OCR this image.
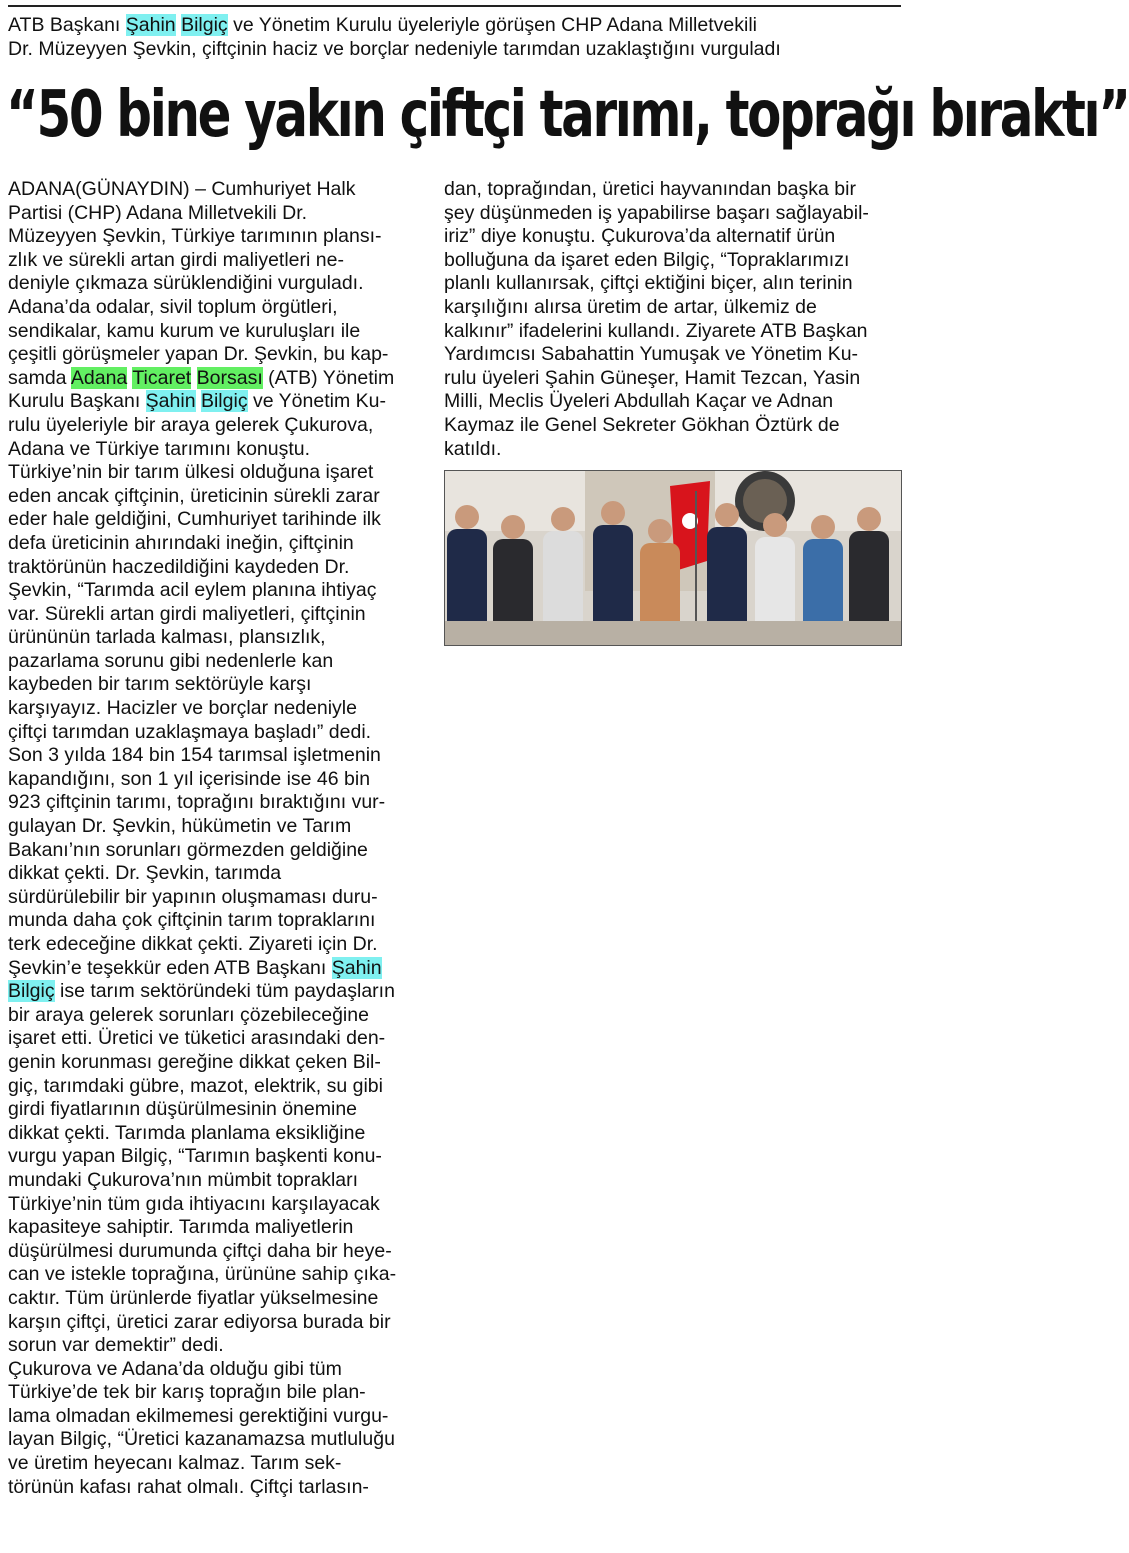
ATB Başkanı Şahin Bilgiç ve Yönetim Kurulu üyeleriyle görüşen CHP Adana Milletvekili
Dr. Müzeyyen Şevkin, çiftçinin haciz ve borçlar nedeniyle tarımdan uzaklaştığını vurguladı
“50 bine yakın çiftçi tarımı, toprağı bıraktı”
ADANA(GÜNAYDIN) – Cumhuriyet Halk
Partisi (CHP) Adana Milletvekili Dr.
Müzeyyen Şevkin, Türkiye tarımının plansı-
zlık ve sürekli artan girdi maliyetleri ne-
deniyle çıkmaza sürüklendiğini vurguladı.
Adana’da odalar, sivil toplum örgütleri,
sendikalar, kamu kurum ve kuruluşları ile
çeşitli görüşmeler yapan Dr. Şevkin, bu kap-
samda Adana Ticaret Borsası (ATB) Yönetim
Kurulu Başkanı Şahin Bilgiç ve Yönetim Ku-
rulu üyeleriyle bir araya gelerek Çukurova,
Adana ve Türkiye tarımını konuştu.
Türkiye’nin bir tarım ülkesi olduğuna işaret
eden ancak çiftçinin, üreticinin sürekli zarar
eder hale geldiğini, Cumhuriyet tarihinde ilk
defa üreticinin ahırındaki ineğin, çiftçinin
traktörünün haczedildiğini kaydeden Dr.
Şevkin, “Tarımda acil eylem planına ihtiyaç
var. Sürekli artan girdi maliyetleri, çiftçinin
ürününün tarlada kalması, plansızlık,
pazarlama sorunu gibi nedenlerle kan
kaybeden bir tarım sektörüyle karşı
karşıyayız. Hacizler ve borçlar nedeniyle
çiftçi tarımdan uzaklaşmaya başladı” dedi.
Son 3 yılda 184 bin 154 tarımsal işletmenin
kapandığını, son 1 yıl içerisinde ise 46 bin
923 çiftçinin tarımı, toprağını bıraktığını vur-
gulayan Dr. Şevkin, hükümetin ve Tarım
Bakanı’nın sorunları görmezden geldiğine
dikkat çekti. Dr. Şevkin, tarımda
sürdürülebilir bir yapının oluşmaması duru-
munda daha çok çiftçinin tarım topraklarını
terk edeceğine dikkat çekti. Ziyareti için Dr.
Şevkin’e teşekkür eden ATB Başkanı Şahin
Bilgiç ise tarım sektöründeki tüm paydaşların
bir araya gelerek sorunları çözebileceğine
işaret etti. Üretici ve tüketici arasındaki den-
genin korunması gereğine dikkat çeken Bil-
giç, tarımdaki gübre, mazot, elektrik, su gibi
girdi fiyatlarının düşürülmesinin önemine
dikkat çekti. Tarımda planlama eksikliğine
vurgu yapan Bilgiç, “Tarımın başkenti konu-
mundaki Çukurova’nın mümbit toprakları
Türkiye’nin tüm gıda ihtiyacını karşılayacak
kapasiteye sahiptir. Tarımda maliyetlerin
düşürülmesi durumunda çiftçi daha bir heye-
can ve istekle toprağına, ürününe sahip çıka-
caktır. Tüm ürünlerde fiyatlar yükselmesine
karşın çiftçi, üretici zarar ediyorsa burada bir
sorun var demektir” dedi.
Çukurova ve Adana’da olduğu gibi tüm
Türkiye’de tek bir karış toprağın bile plan-
lama olmadan ekilmemesi gerektiğini vurgu-
layan Bilgiç, “Üretici kazanamazsa mutluluğu
ve üretim heyecanı kalmaz. Tarım sek-
törünün kafası rahat olmalı. Çiftçi tarlasın-
dan, toprağından, üretici hayvanından başka bir
şey düşünmeden iş yapabilirse başarı sağlayabil-
iriz” diye konuştu. Çukurova’da alternatif ürün
bolluğuna da işaret eden Bilgiç, “Topraklarımızı
planlı kullanırsak, çiftçi ektiğini biçer, alın terinin
karşılığını alırsa üretim de artar, ülkemiz de
kalkınır” ifadelerini kullandı. Ziyarete ATB Başkan
Yardımcısı Sabahattin Yumuşak ve Yönetim Ku-
rulu üyeleri Şahin Güneşer, Hamit Tezcan, Yasin
Milli, Meclis Üyeleri Abdullah Kaçar ve Adnan
Kaymaz ile Genel Sekreter Gökhan Öztürk de
katıldı.
